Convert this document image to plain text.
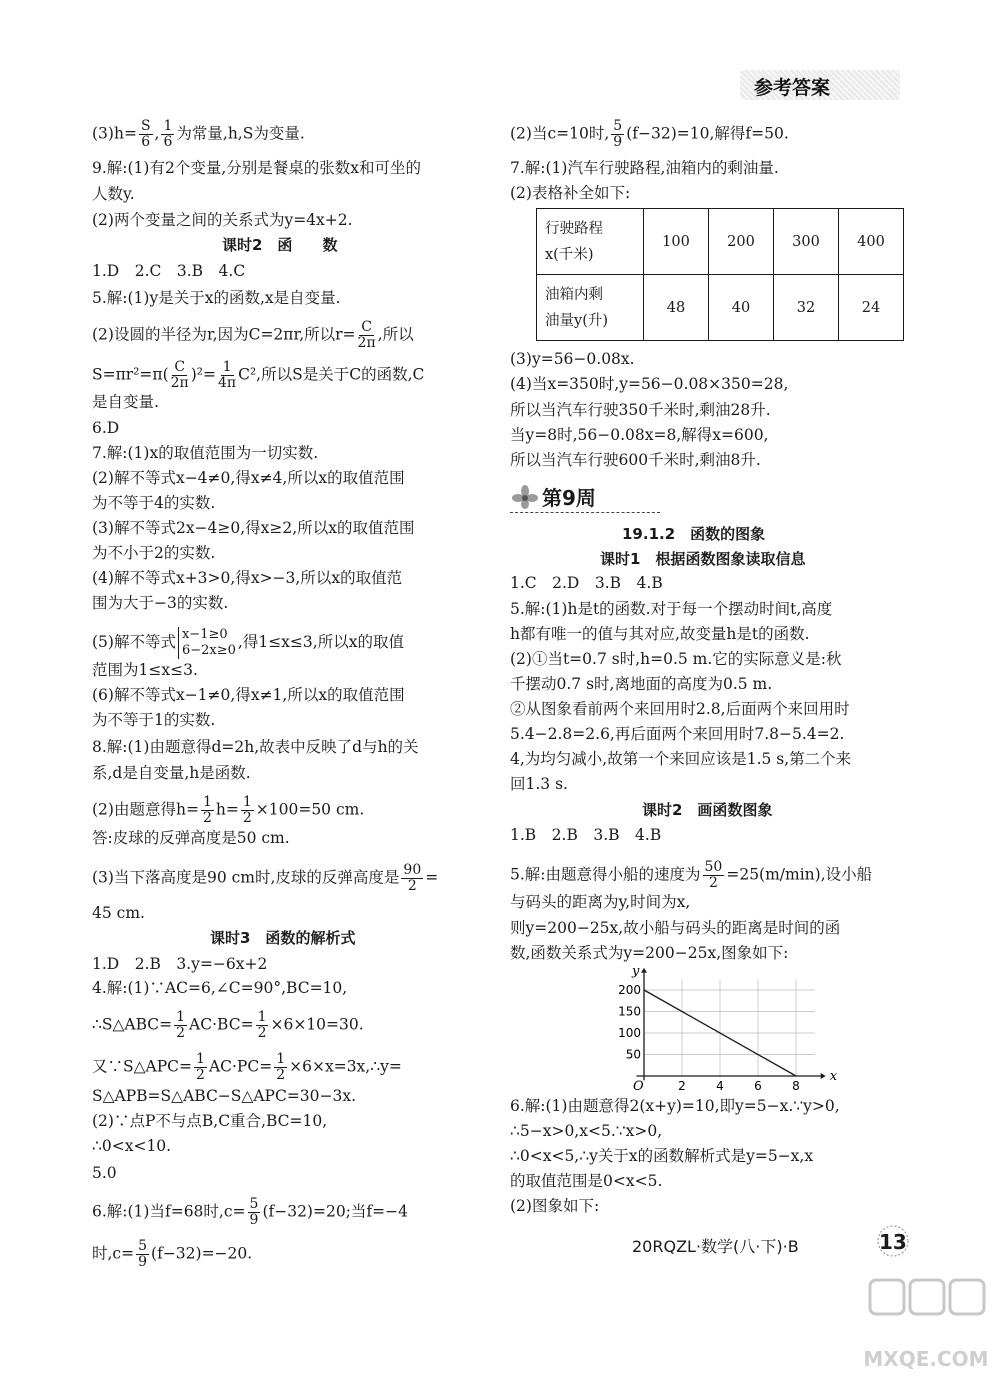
参考答案
$(3)h= \frac{S}{6}$ , $\frac{1}{6}$ 为常量,h,S为变量.
9.解:(1)有2个变量,分别是餐桌的张数x和可坐的
人数y.
(2)两个变量之间的关系式为y=4x+2.
课时2　函　　数
1.D　2.C　3.B　4.C
5.解:(1)y是关于x的函数,x是自变量.
(2)设圆的半径为r,因为C=2πr,所以$r= \frac{C}{2\pi}$ ,所以
$S=\pi r^2=\pi( \frac{C}{2\pi} )^2= \frac{1}{4\pi} C^2$,所以S是关于C的函数,C
是自变量.
6.D
7.解:(1)x的取值范围为一切实数.
(2)解不等式x−4≠0,得x≠4,所以x的取值范围
为不等于4的实数.
(3)解不等式2x−4≥0,得x≥2,所以x的取值范围
为不小于2的实数.
(4)解不等式x+3>0,得x>−3,所以x的取值范
围为大于−3的实数.
(5)解不等式 x−1≥0
6−2x≥0 ,得1≤x≤3,所以x的取值
范围为1≤x≤3.
(6)解不等式x−1≠0,得x≠1,所以x的取值范围
为不等于1的实数.
8.解:(1)由题意得d=2h,故表中反映了d与h的关
系,d是自变量,h是函数.
(2)由题意得$h= \frac{1}{2} h= \frac{1}{2} \times 100=50$ cm.
答:皮球的反弹高度是50 cm.
(3)当下落高度是90 cm时,皮球的反弹高度是 $\frac{90}{2}$ =
45 cm.
课时3　函数的解析式
1.D　2.B　3.y=−6x+2
4.解:(1)∵AC=6,∠C=90°,BC=10,
∴S△ABC= $\frac{1}{2} AC\cdot BC= \frac{1}{2} \times 6\times 10=30$.
又∵S△APC= $\frac{1}{2} AC\cdot PC= \frac{1}{2}$ ×6×x=3x,∴y=
S△APB=S△ABC−S△APC=30−3x.
(2)∵点P不与点B,C重合,BC=10,
∴0<x<10.
5.0
6.解:(1)当f=68时$,c= \frac{5}{9} (f-32)=20$;当f=−4
时$,c= \frac{5}{9} (f-32)=-20$.
(2)当c=10时, $\frac{5}{9} (f-32)=10$,解得f=50.
7.解:(1)汽车行驶路程,油箱内的剩油量.
(2)表格补全如下:
行驶路程
x(千米)	100	200	300	400

油箱内剩
油量y(升)	48	40	32	24
(3)y=56−0.08x.
(4)当x=350时,y=56−0.08×350=28,
所以当汽车行驶350千米时,剩油28升.
当y=8时,56−0.08x=8,解得x=600,
所以当汽车行驶600千米时,剩油8升.
第9周
19.1.2　函数的图象
课时1　根据函数图象读取信息
1.C　2.D　3.B　4.B
5.解:(1)h是t的函数.对于每一个摆动时间t,高度
h都有唯一的值与其对应,故变量h是t的函数.
(2)①当t=0.7 s时,h=0.5 m.它的实际意义是:秋
千摆动0.7 s时,离地面的高度为0.5 m.
②从图象看前两个来回用时2.8,后面两个来回用时
5.4−2.8=2.6,再后面两个来回用时7.8−5.4=2.
4,为均匀减小,故第一个来回应该是1.5 s,第二个来
回1.3 s.
课时2　画函数图象
1.B　2.B　3.B　4.B
5.解:由题意得小船的速度为 $\frac{50}{2} =25(m/\min)$,设小船
与码头的距离为y,时间为x,
则y=200−25x,故小船与码头的距离是时间的函
数,函数关系式为y=200−25x,图象如下:
50
100
150
200
2	4	6	8
x
y
O
6.解:(1)由题意得2(x+y)=10,即y=5−x.∵y>0,
∴5−x>0,x<5.∵x>0,
∴0<x<5,∴y关于x的函数解析式是y=5−x,x
的取值范围是0<x<5.
(2)图象如下:
20RQZL·数学(八·下)·B	13
MXQE.COM
